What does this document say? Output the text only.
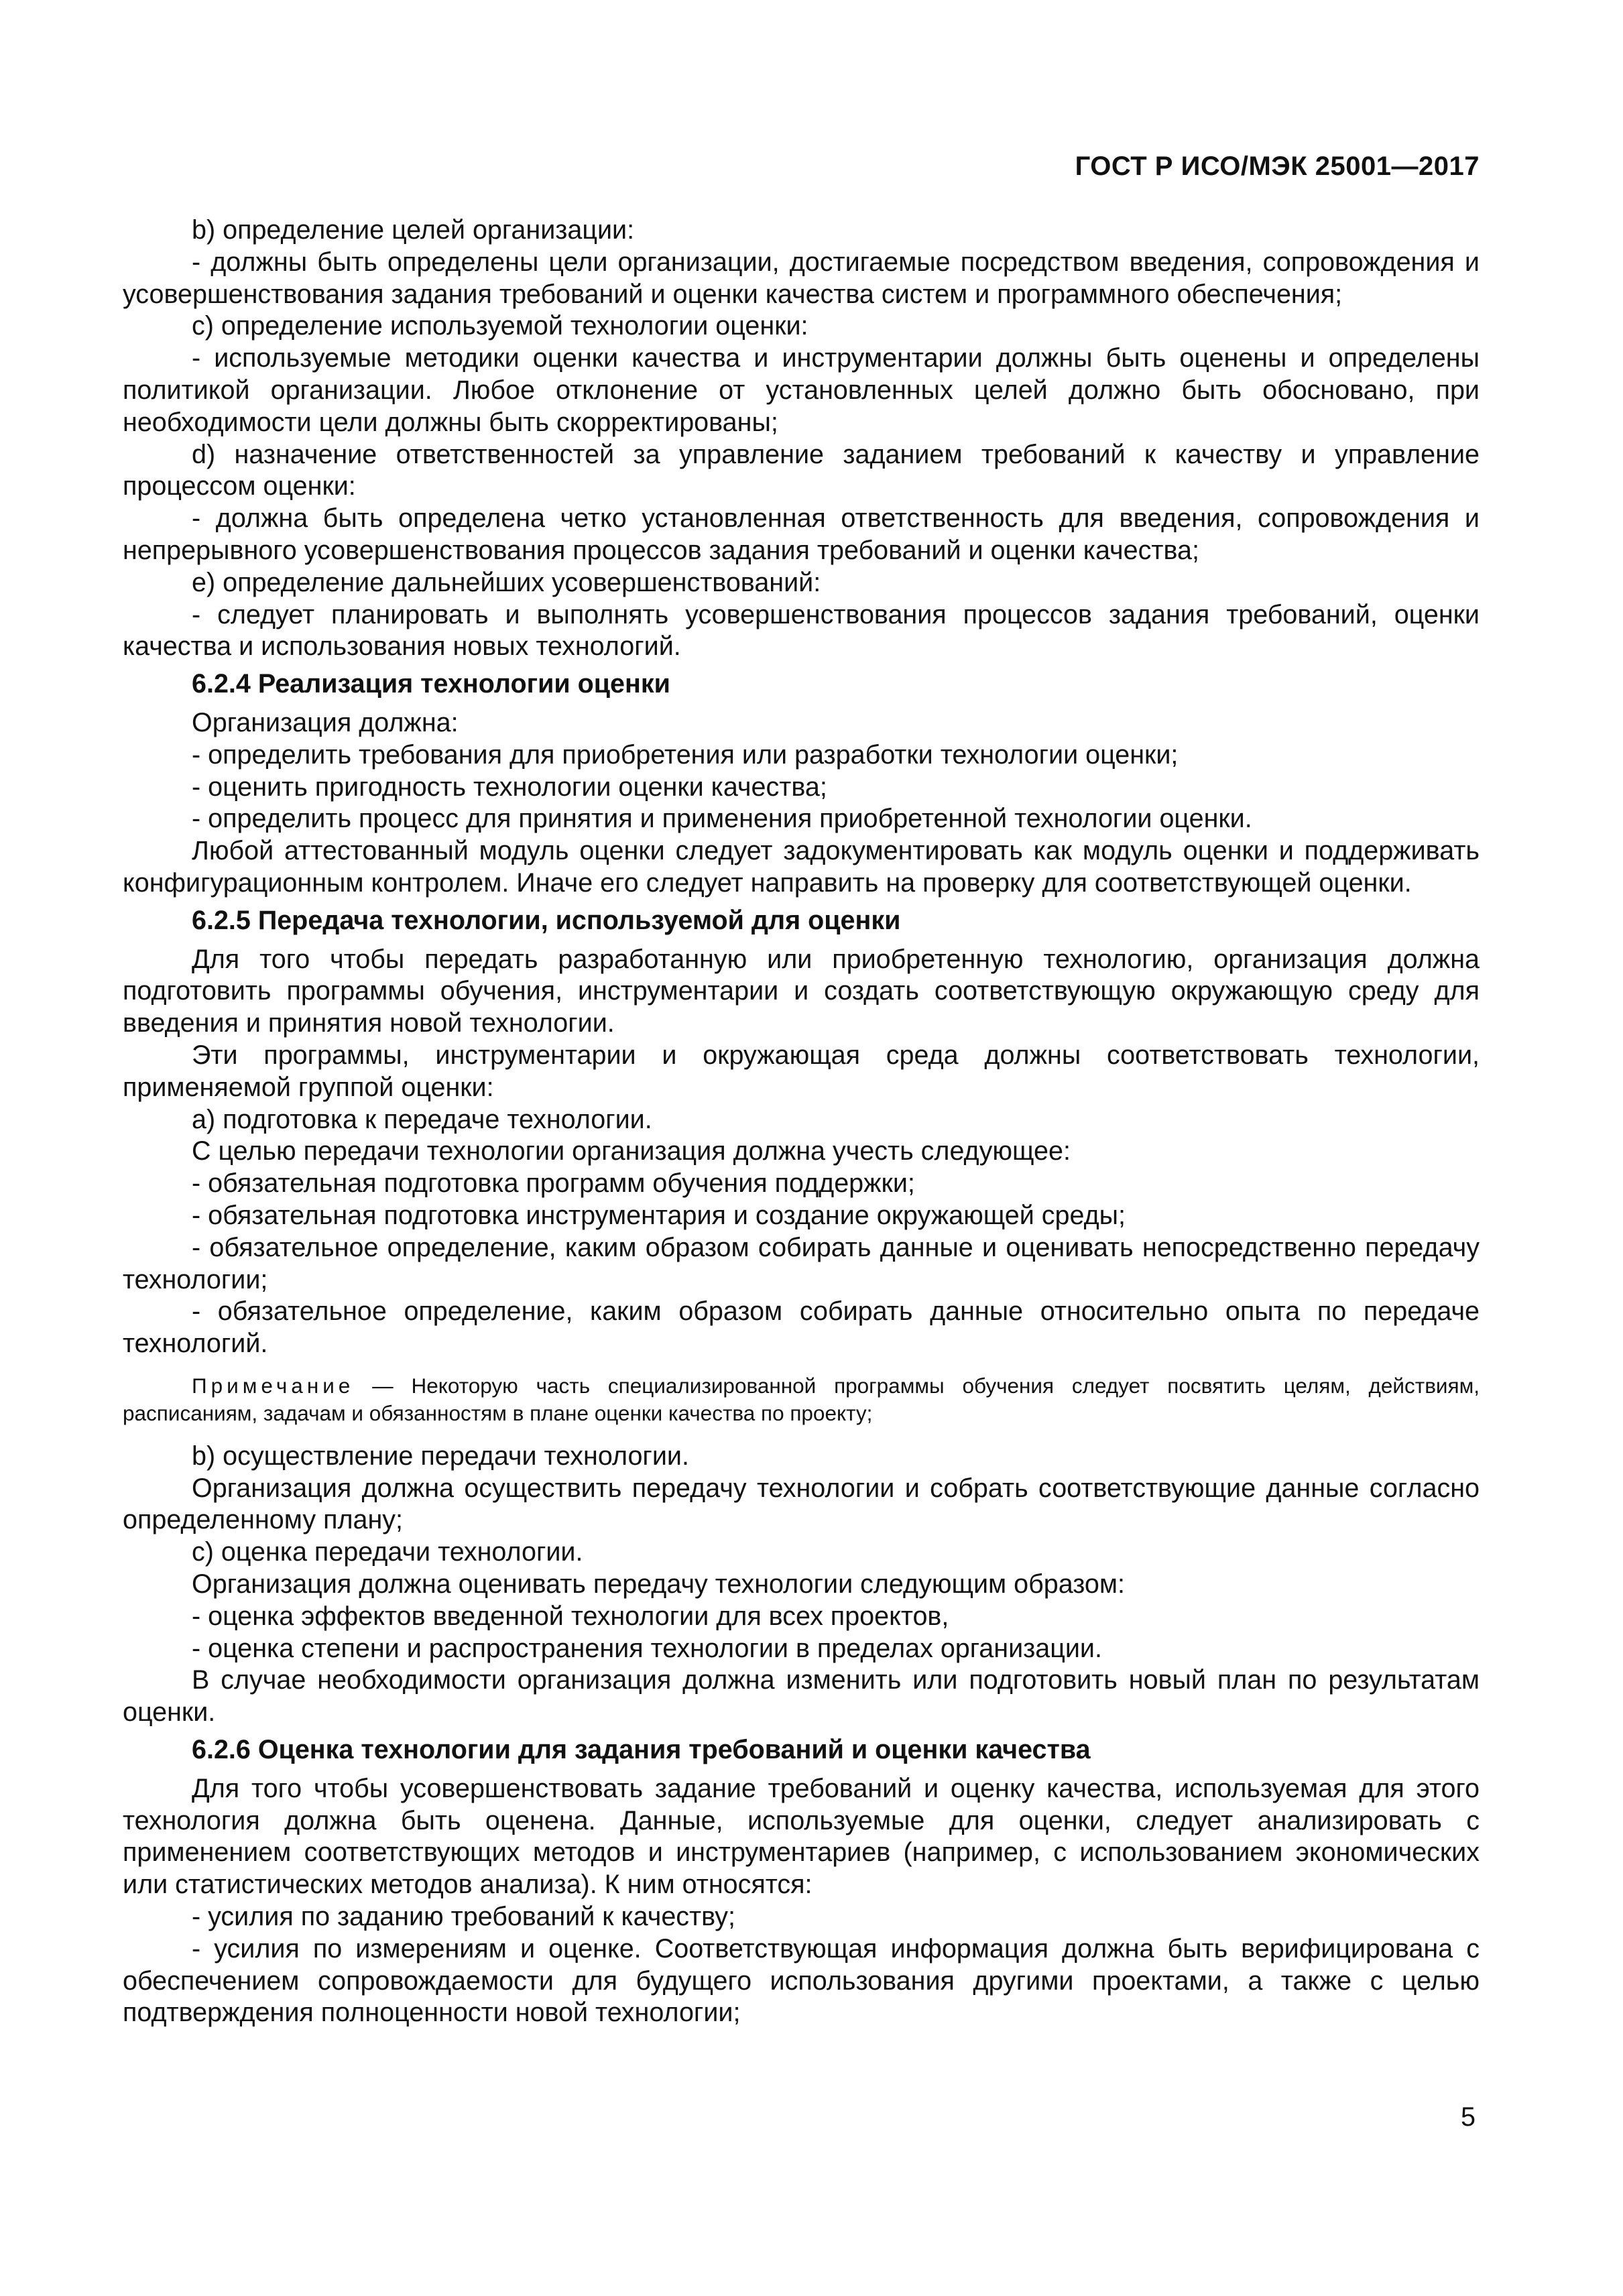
ГОСТ Р ИСО/МЭК 25001—2017

b) определение целей организации:

- должны быть определены цели организации, достигаемые посредством введения, сопровождения и усовершенствования задания требований и оценки качества систем и программного обеспечения;

с) определение используемой технологии оценки:

- используемые методики оценки качества и инструментарии должны быть оценены и определены политикой организации. Любое отклонение от установленных целей должно быть обосновано, при необходимости цели должны быть скорректированы;

d) назначение ответственностей за управление заданием требований к качеству и управление процессом оценки:

- должна быть определена четко установленная ответственность для введения, сопровождения и непрерывного усовершенствования процессов задания требований и оценки качества;

e) определение дальнейших усовершенствований:

- следует планировать и выполнять усовершенствования процессов задания требований, оценки качества и использования новых технологий.

6.2.4 Реализация технологии оценки

Организация должна:

- определить требования для приобретения или разработки технологии оценки;

- оценить пригодность технологии оценки качества;

- определить процесс для принятия и применения приобретенной технологии оценки.

Любой аттестованный модуль оценки следует задокументировать как модуль оценки и поддерживать конфигурационным контролем. Иначе его следует направить на проверку для соответствующей оценки.

6.2.5 Передача технологии, используемой для оценки

Для того чтобы передать разработанную или приобретенную технологию, организация должна подготовить программы обучения, инструментарии и создать соответствующую окружающую среду для введения и принятия новой технологии.

Эти программы, инструментарии и окружающая среда должны соответствовать технологии, применяемой группой оценки:

а) подготовка к передаче технологии.

С целью передачи технологии организация должна учесть следующее:

- обязательная подготовка программ обучения поддержки;

- обязательная подготовка инструментария и создание окружающей среды;

- обязательное определение, каким образом собирать данные и оценивать непосредственно передачу технологии;

- обязательное определение, каким образом собирать данные относительно опыта по передаче технологий.

Примечание — Некоторую часть специализированной программы обучения следует посвятить целям, действиям, расписаниям, задачам и обязанностям в плане оценки качества по проекту;

b) осуществление передачи технологии.

Организация должна осуществить передачу технологии и собрать соответствующие данные согласно определенному плану;

с) оценка передачи технологии.

Организация должна оценивать передачу технологии следующим образом:

- оценка эффектов введенной технологии для всех проектов,

- оценка степени и распространения технологии в пределах организации.

В случае необходимости организация должна изменить или подготовить новый план по результатам оценки.

6.2.6 Оценка технологии для задания требований и оценки качества

Для того чтобы усовершенствовать задание требований и оценку качества, используемая для этого технология должна быть оценена. Данные, используемые для оценки, следует анализировать с применением соответствующих методов и инструментариев (например, с использованием экономических или статистических методов анализа). К ним относятся:

- усилия по заданию требований к качеству;

- усилия по измерениям и оценке. Соответствующая информация должна быть верифицирована с обеспечением сопровождаемости для будущего использования другими проектами, а также с целью подтверждения полноценности новой технологии;

5
